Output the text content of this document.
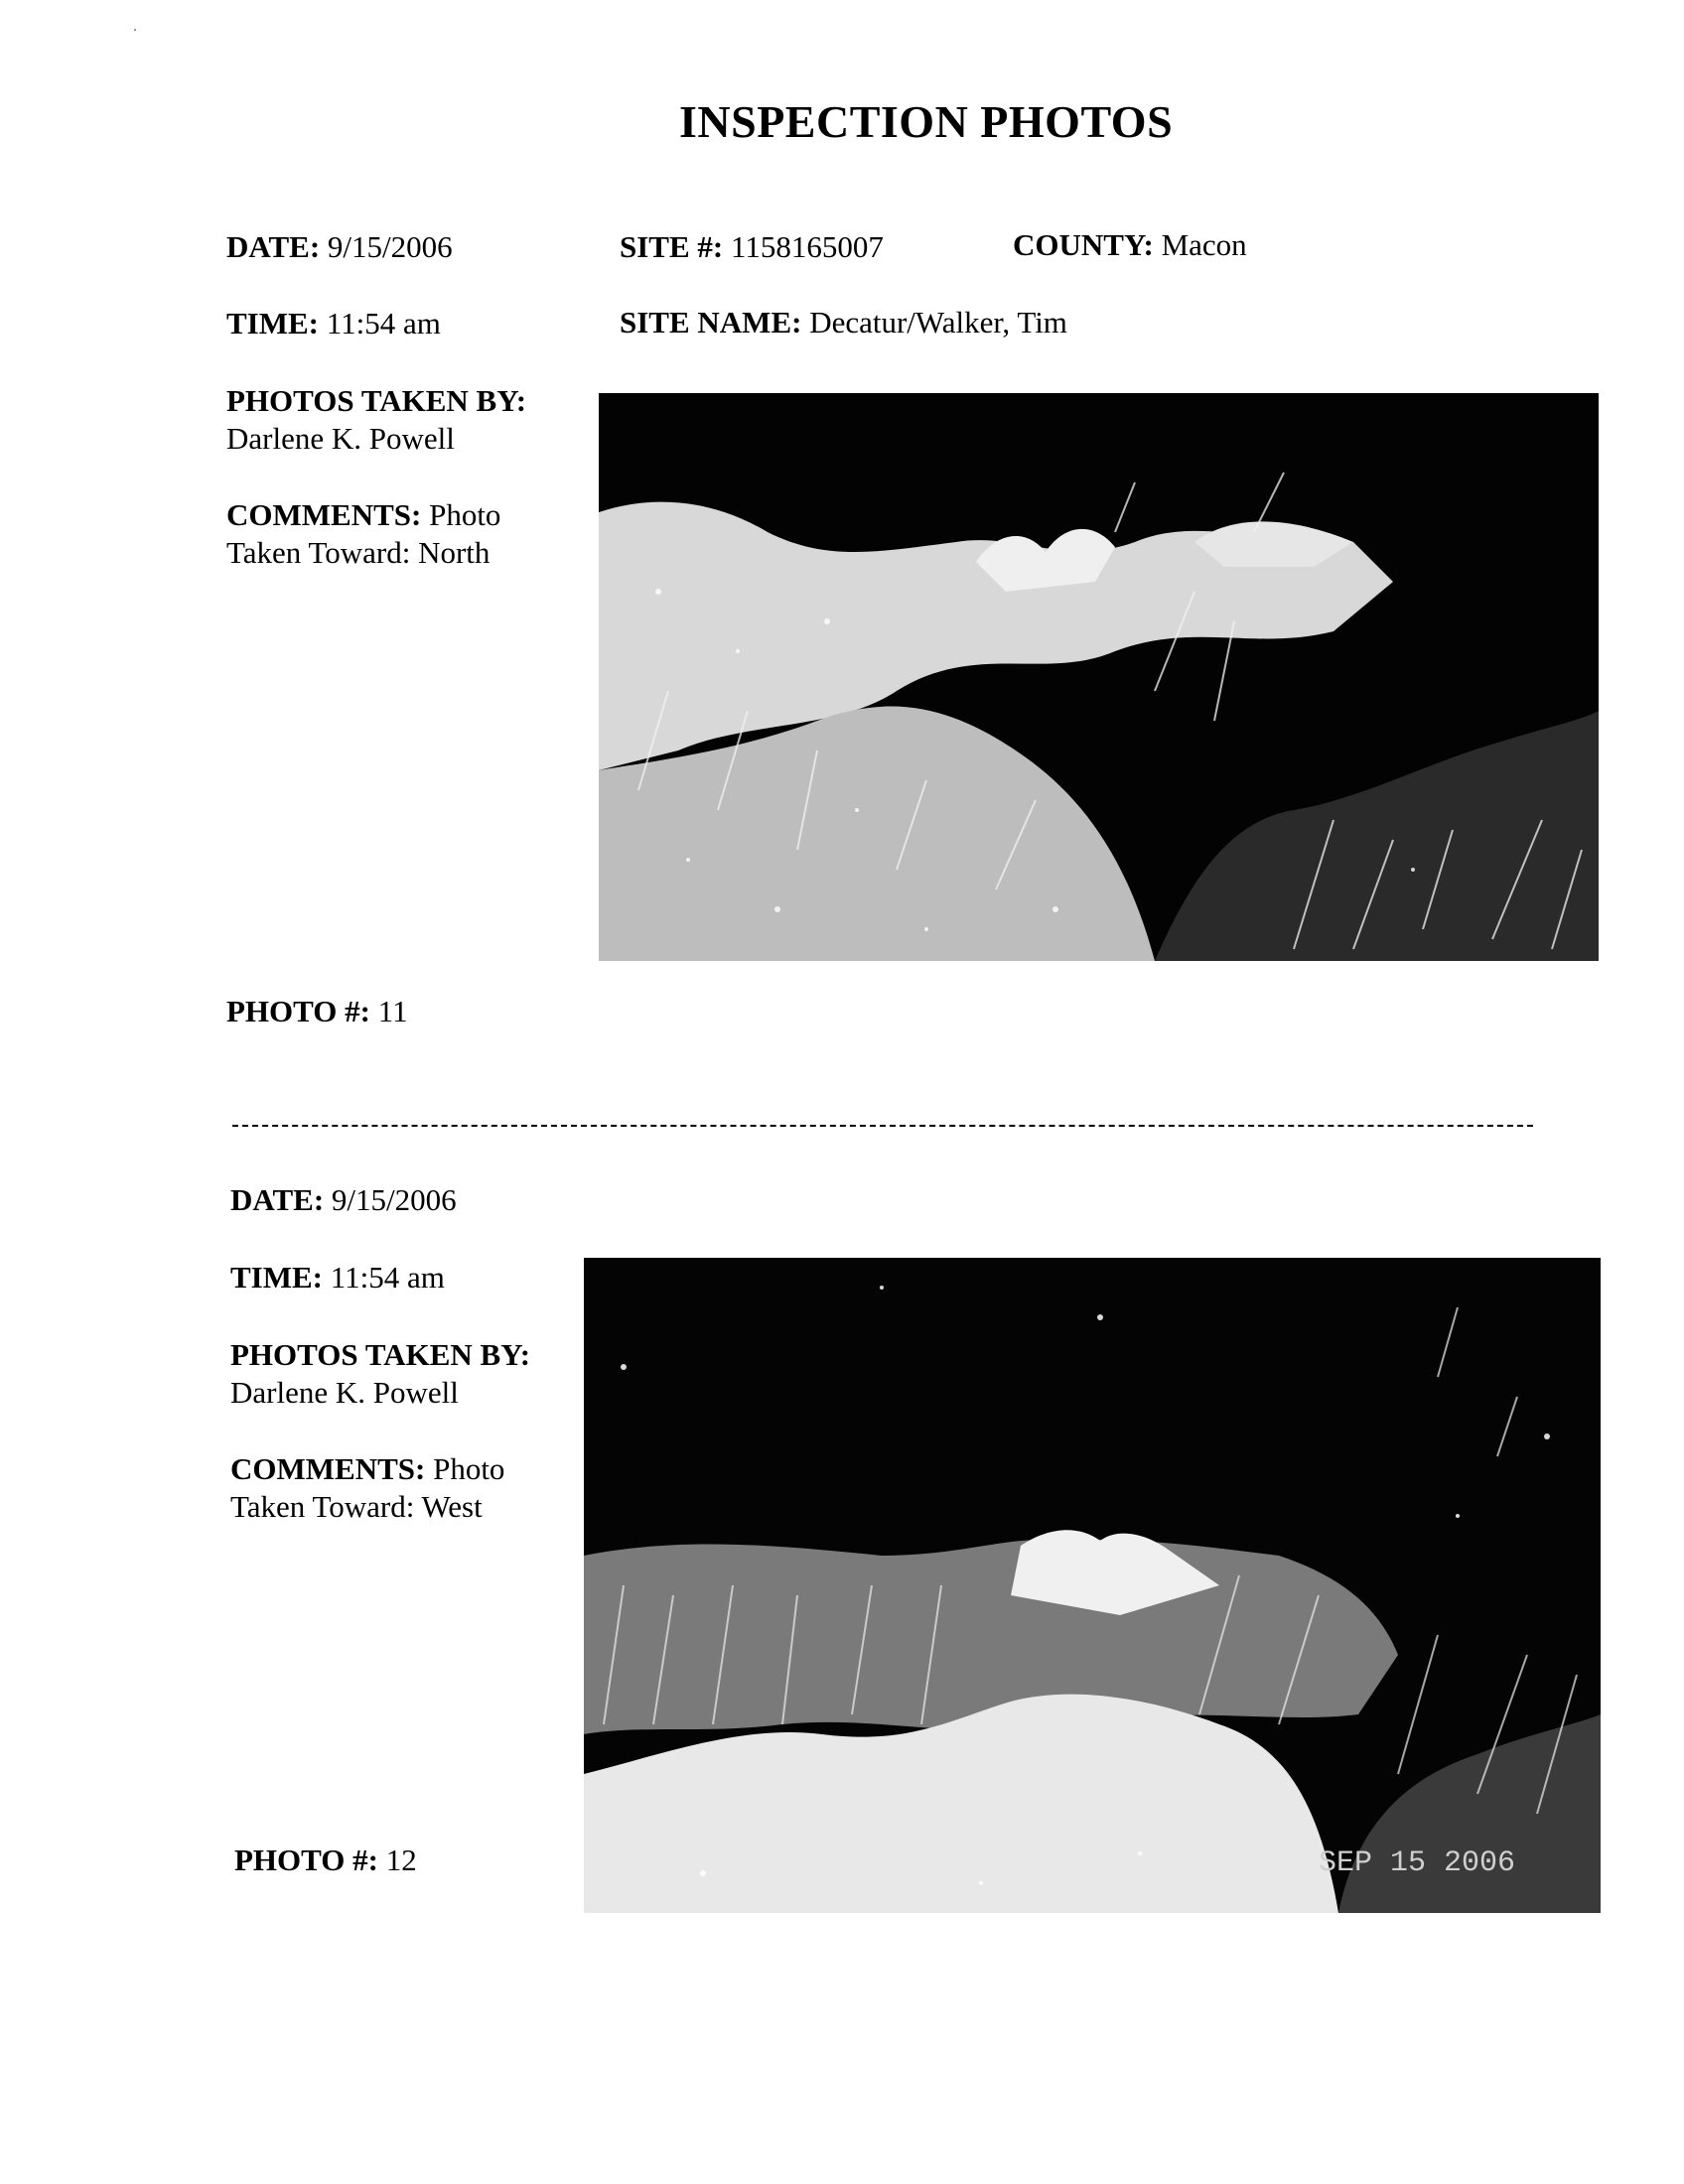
INSPECTION PHOTOS
DATE: 9/15/2006	SITE #: 1158165007	COUNTY: Macon
TIME: 11:54 am	SITE NAME: Decatur/Walker, Tim
PHOTOS TAKEN BY:
Darlene K. Powell
COMMENTS: Photo
Taken Toward: North
PHOTO #: 11
DATE: 9/15/2006
TIME: 11:54 am
PHOTOS TAKEN BY:
Darlene K. Powell
COMMENTS: Photo
Taken Toward: West
SEP 15 2006
PHOTO #: 12
